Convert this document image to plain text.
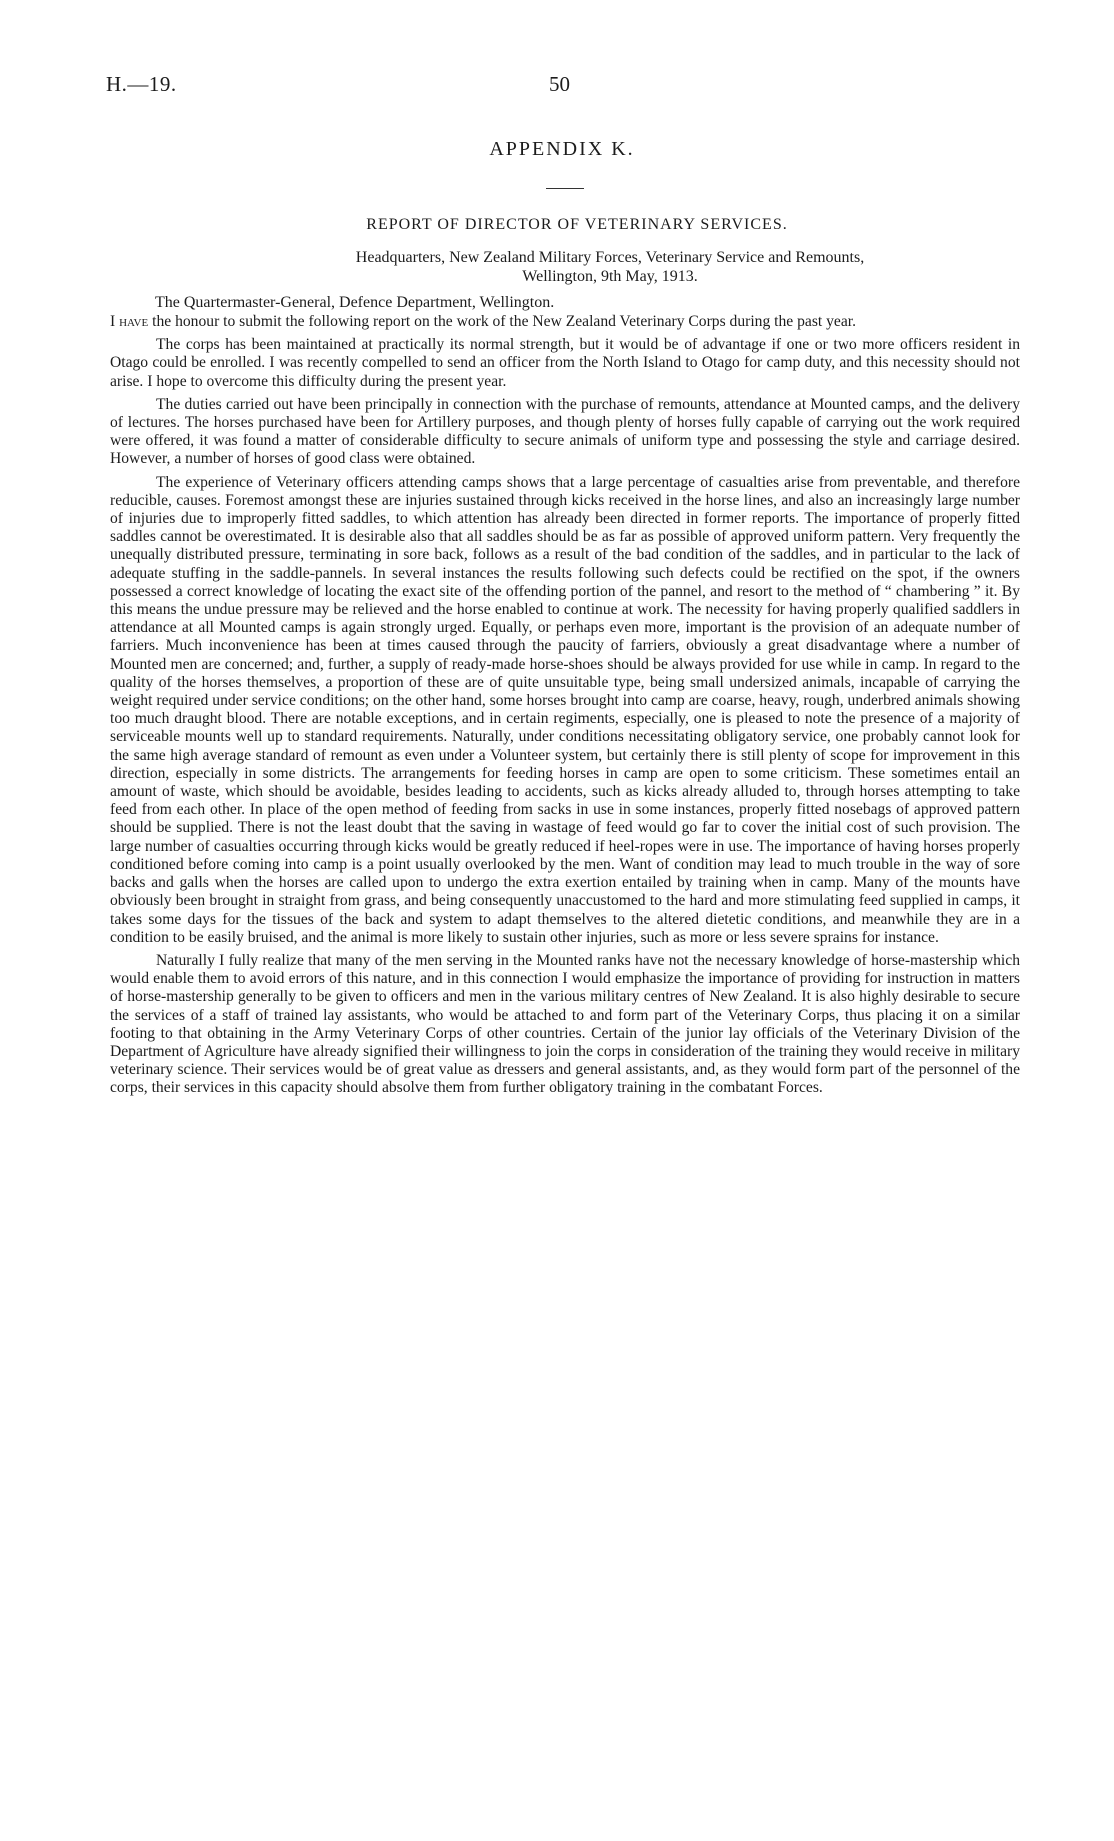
H.—19.	50
APPENDIX K.
REPORT OF DIRECTOR OF VETERINARY SERVICES.
Headquarters, New Zealand Military Forces, Veterinary Service and Remounts,
Wellington, 9th May, 1913.
The Quartermaster-General, Defence Department, Wellington.

I have the honour to submit the following report on the work of the New Zealand Veterinary Corps during the past year.

The corps has been maintained at practically its normal strength, but it would be of advantage if one or two more officers resident in Otago could be enrolled. I was recently compelled to send an officer from the North Island to Otago for camp duty, and this necessity should not arise. I hope to overcome this difficulty during the present year.

The duties carried out have been principally in connection with the purchase of remounts, attendance at Mounted camps, and the delivery of lectures. The horses purchased have been for Artillery purposes, and though plenty of horses fully capable of carrying out the work required were offered, it was found a matter of considerable difficulty to secure animals of uniform type and possessing the style and carriage desired. However, a number of horses of good class were obtained.

The experience of Veterinary officers attending camps shows that a large percentage of casualties arise from preventable, and therefore reducible, causes. Foremost amongst these are injuries sustained through kicks received in the horse lines, and also an increasingly large number of injuries due to improperly fitted saddles, to which attention has already been directed in former reports. The importance of properly fitted saddles cannot be overestimated. It is desirable also that all saddles should be as far as possible of approved uniform pattern. Very frequently the unequally distributed pressure, terminating in sore back, follows as a result of the bad condition of the saddles, and in particular to the lack of adequate stuffing in the saddle-pannels. In several instances the results following such defects could be rectified on the spot, if the owners possessed a correct knowledge of locating the exact site of the offending portion of the pannel, and resort to the method of “ chambering ” it. By this means the undue pressure may be relieved and the horse enabled to continue at work. The necessity for having properly qualified saddlers in attendance at all Mounted camps is again strongly urged. Equally, or perhaps even more, important is the provision of an adequate number of farriers. Much inconvenience has been at times caused through the paucity of farriers, obviously a great disadvantage where a number of Mounted men are concerned; and, further, a supply of ready-made horse-shoes should be always provided for use while in camp. In regard to the quality of the horses themselves, a proportion of these are of quite unsuitable type, being small undersized animals, incapable of carrying the weight required under service conditions; on the other hand, some horses brought into camp are coarse, heavy, rough, underbred animals showing too much draught blood. There are notable exceptions, and in certain regiments, especially, one is pleased to note the presence of a majority of serviceable mounts well up to standard requirements. Naturally, under conditions necessitating obligatory service, one probably cannot look for the same high average standard of remount as even under a Volunteer system, but certainly there is still plenty of scope for improvement in this direction, especially in some districts. The arrangements for feeding horses in camp are open to some criticism. These sometimes entail an amount of waste, which should be avoidable, besides leading to accidents, such as kicks already alluded to, through horses attempting to take feed from each other. In place of the open method of feeding from sacks in use in some instances, properly fitted nosebags of approved pattern should be supplied. There is not the least doubt that the saving in wastage of feed would go far to cover the initial cost of such provision. The large number of casualties occurring through kicks would be greatly reduced if heel-ropes were in use. The importance of having horses properly conditioned before coming into camp is a point usually overlooked by the men. Want of condition may lead to much trouble in the way of sore backs and galls when the horses are called upon to undergo the extra exertion entailed by training when in camp. Many of the mounts have obviously been brought in straight from grass, and being consequently unaccustomed to the hard and more stimulating feed supplied in camps, it takes some days for the tissues of the back and system to adapt themselves to the altered dietetic conditions, and meanwhile they are in a condition to be easily bruised, and the animal is more likely to sustain other injuries, such as more or less severe sprains for instance.

Naturally I fully realize that many of the men serving in the Mounted ranks have not the necessary knowledge of horse-mastership which would enable them to avoid errors of this nature, and in this connection I would emphasize the importance of providing for instruction in matters of horse-mastership generally to be given to officers and men in the various military centres of New Zealand. It is also highly desirable to secure the services of a staff of trained lay assistants, who would be attached to and form part of the Veterinary Corps, thus placing it on a similar footing to that obtaining in the Army Veterinary Corps of other countries. Certain of the junior lay officials of the Veterinary Division of the Department of Agriculture have already signified their willingness to join the corps in consideration of the training they would receive in military veterinary science. Their services would be of great value as dressers and general assistants, and, as they would form part of the personnel of the corps, their services in this capacity should absolve them from further obligatory training in the combatant Forces.
